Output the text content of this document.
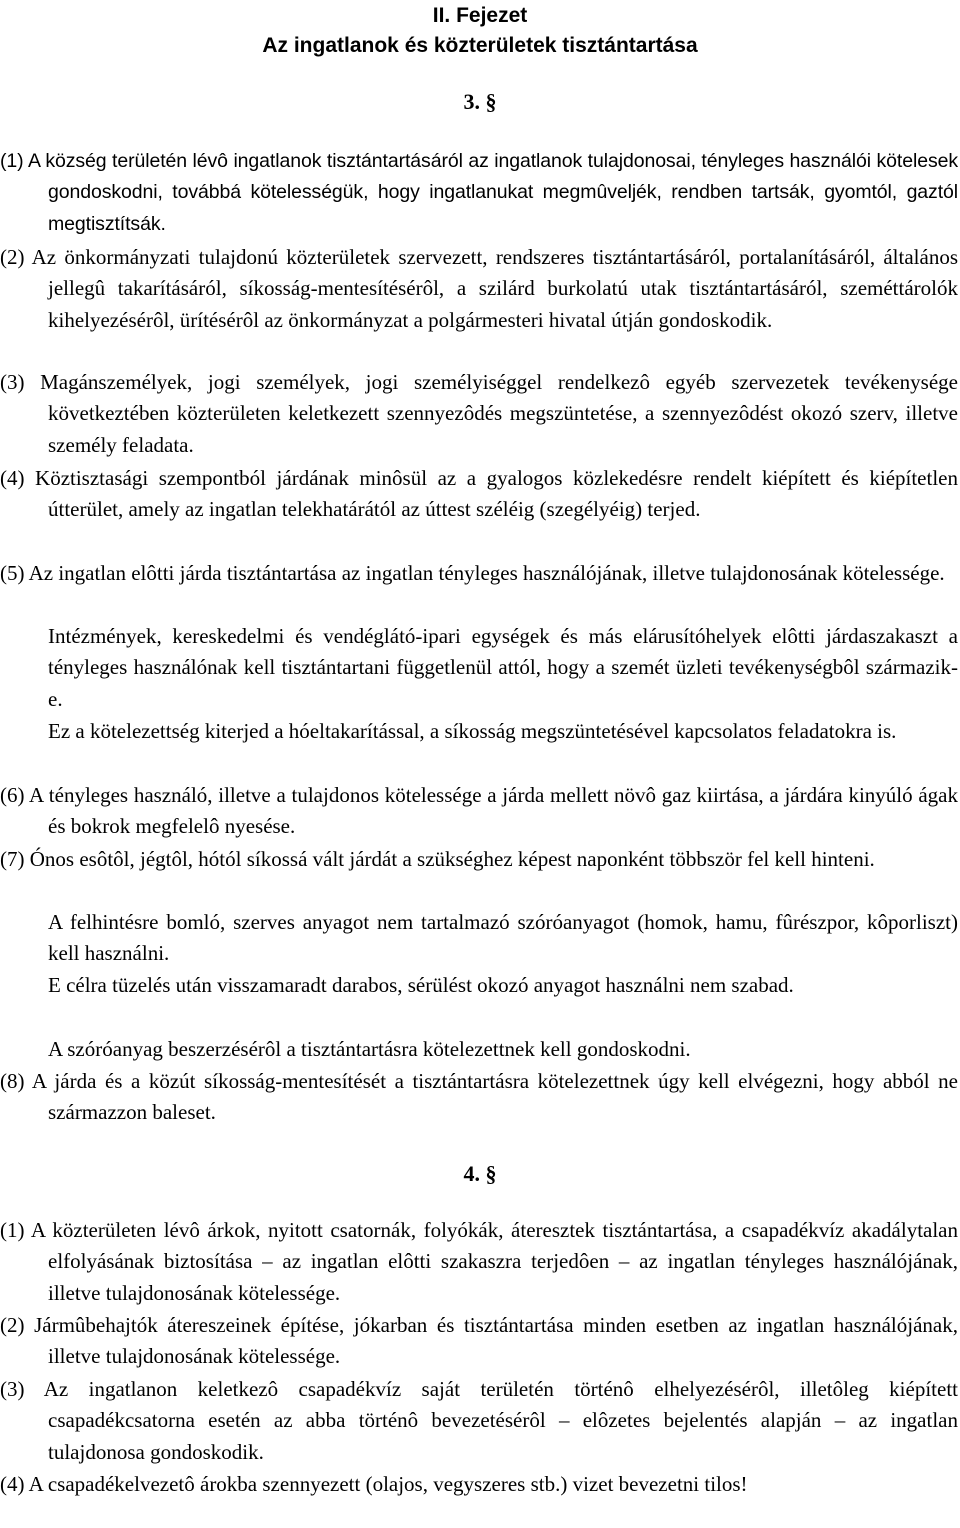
II. Fejezet
Az ingatlanok és közterületek tisztántartása
3. §
(1) A község területén lévô ingatlanok tisztántartásáról az ingatlanok tulajdonosai, tényleges használói kötelesek gondoskodni, továbbá kötelességük, hogy ingatlanukat megmûveljék, rendben tartsák, gyomtól, gaztól megtisztítsák.
(2) Az önkormányzati tulajdonú közterületek szervezett, rendszeres tisztántartásáról, portalanításáról, általános jellegû takarításáról, síkosság-mentesítésérôl, a szilárd burkolatú utak tisztántartásáról, szeméttárolók kihelyezésérôl, ürítésérôl az önkormányzat a polgármesteri hivatal útján gondoskodik.
(3) Magánszemélyek, jogi személyek, jogi személyiséggel rendelkezô egyéb szervezetek tevékenysége következtében közterületen keletkezett szennyezôdés megszüntetése, a szennyezôdést okozó szerv, illetve személy feladata.
(4) Köztisztasági szempontból járdának minôsül az a gyalogos közlekedésre rendelt kiépített és kiépítetlen útterület, amely az ingatlan telekhatárától az úttest széléig (szegélyéig) terjed.
(5) Az ingatlan elôtti járda tisztántartása az ingatlan tényleges használójának, illetve tulajdonosának kötelessége.
Intézmények, kereskedelmi és vendéglátó-ipari egységek és más elárusítóhelyek elôtti járdaszakaszt a tényleges használónak kell tisztántartani függetlenül attól, hogy a szemét üzleti tevékenységbôl származik-e.
Ez a kötelezettség kiterjed a hóeltakarítással, a síkosság megszüntetésével kapcsolatos feladatokra is.
(6) A tényleges használó, illetve a tulajdonos kötelessége a járda mellett növô gaz kiirtása, a járdára kinyúló ágak és bokrok megfelelô nyesése.
(7) Ónos esôtôl, jégtôl, hótól síkossá vált járdát a szükséghez képest naponként többször fel kell hinteni.
A felhintésre bomló, szerves anyagot nem tartalmazó szóróanyagot (homok, hamu, fûrészpor, kôporliszt) kell használni.
E célra tüzelés után visszamaradt darabos, sérülést okozó anyagot használni nem szabad.
A szóróanyag beszerzésérôl a tisztántartásra kötelezettnek kell gondoskodni.
(8) A járda és a közút síkosság-mentesítését a tisztántartásra kötelezettnek úgy kell elvégezni, hogy abból ne származzon baleset.
4. §
(1) A közterületen lévô árkok, nyitott csatornák, folyókák, áteresztek tisztántartása, a csapadékvíz akadálytalan elfolyásának biztosítása – az ingatlan elôtti szakaszra terjedôen – az ingatlan tényleges használójának, illetve tulajdonosának kötelessége.
(2) Jármûbehajtók átereszeinek építése, jókarban és tisztántartása minden esetben az ingatlan használójának, illetve tulajdonosának kötelessége.
(3) Az ingatlanon keletkezô csapadékvíz saját területén történô elhelyezésérôl, illetôleg kiépített csapadékcsatorna esetén az abba történô bevezetésérôl – elôzetes bejelentés alapján – az ingatlan tulajdonosa gondoskodik.
(4) A csapadékelvezetô árokba szennyezett (olajos, vegyszeres stb.) vizet bevezetni tilos!
